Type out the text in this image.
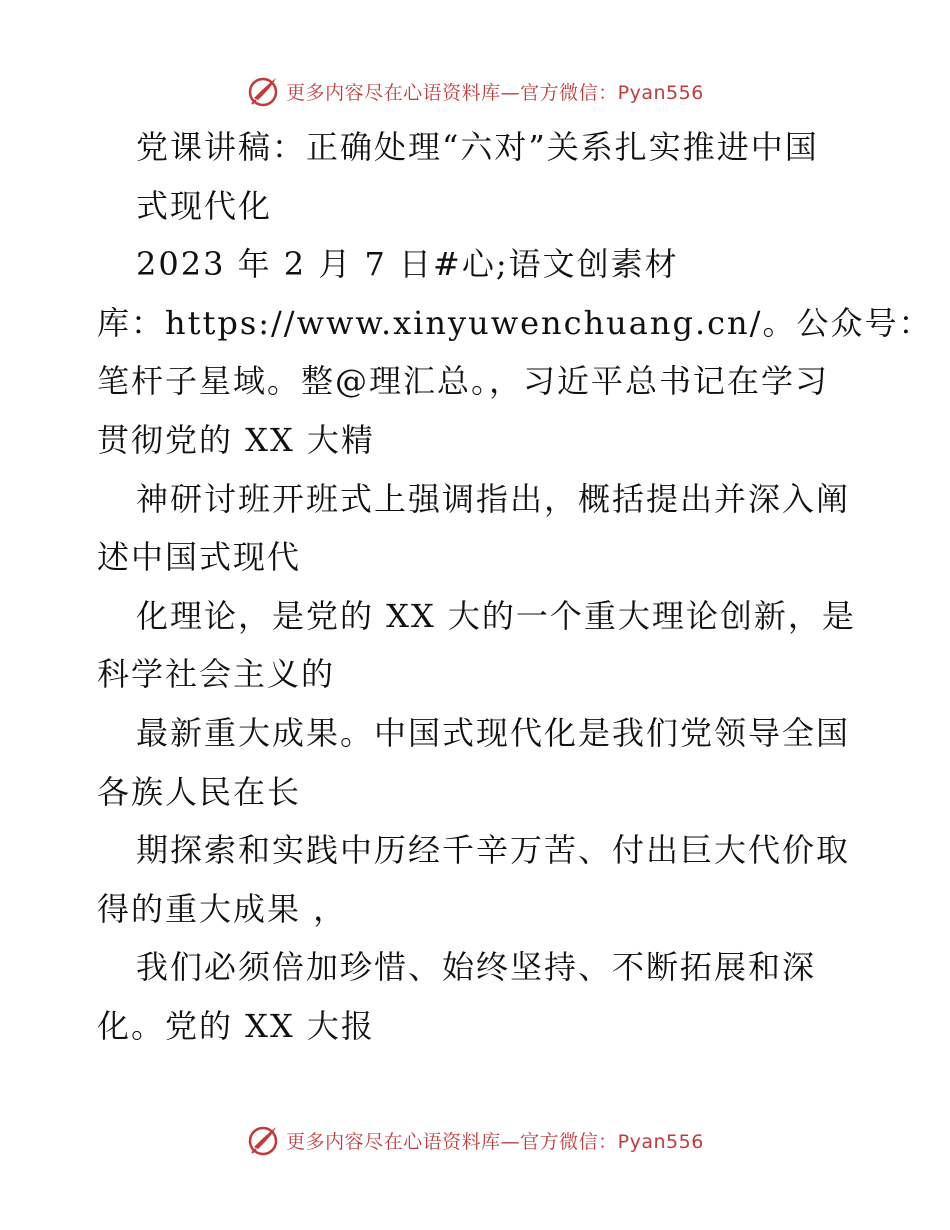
更多内容尽在心语资料库—官方微信：Pyan556
党课讲稿：正确处理“六对”关系扎实推进中国
式现代化
2023 年 2 月 7 日#心;语文创素材
库：https://www.xinyuwenchuang.cn/。公众号：
笔杆子星域。整@理汇总。，习近平总书记在学习
贯彻党的 XX 大精
神研讨班开班式上强调指出，概括提出并深入阐
述中国式现代
化理论，是党的 XX 大的一个重大理论创新，是
科学社会主义的
最新重大成果。中国式现代化是我们党领导全国
各族人民在长
期探索和实践中历经千辛万苦、付出巨大代价取
得的重大成果 ，
我们必须倍加珍惜、始终坚持、不断拓展和深
化。党的 XX 大报
更多内容尽在心语资料库—官方微信：Pyan556
